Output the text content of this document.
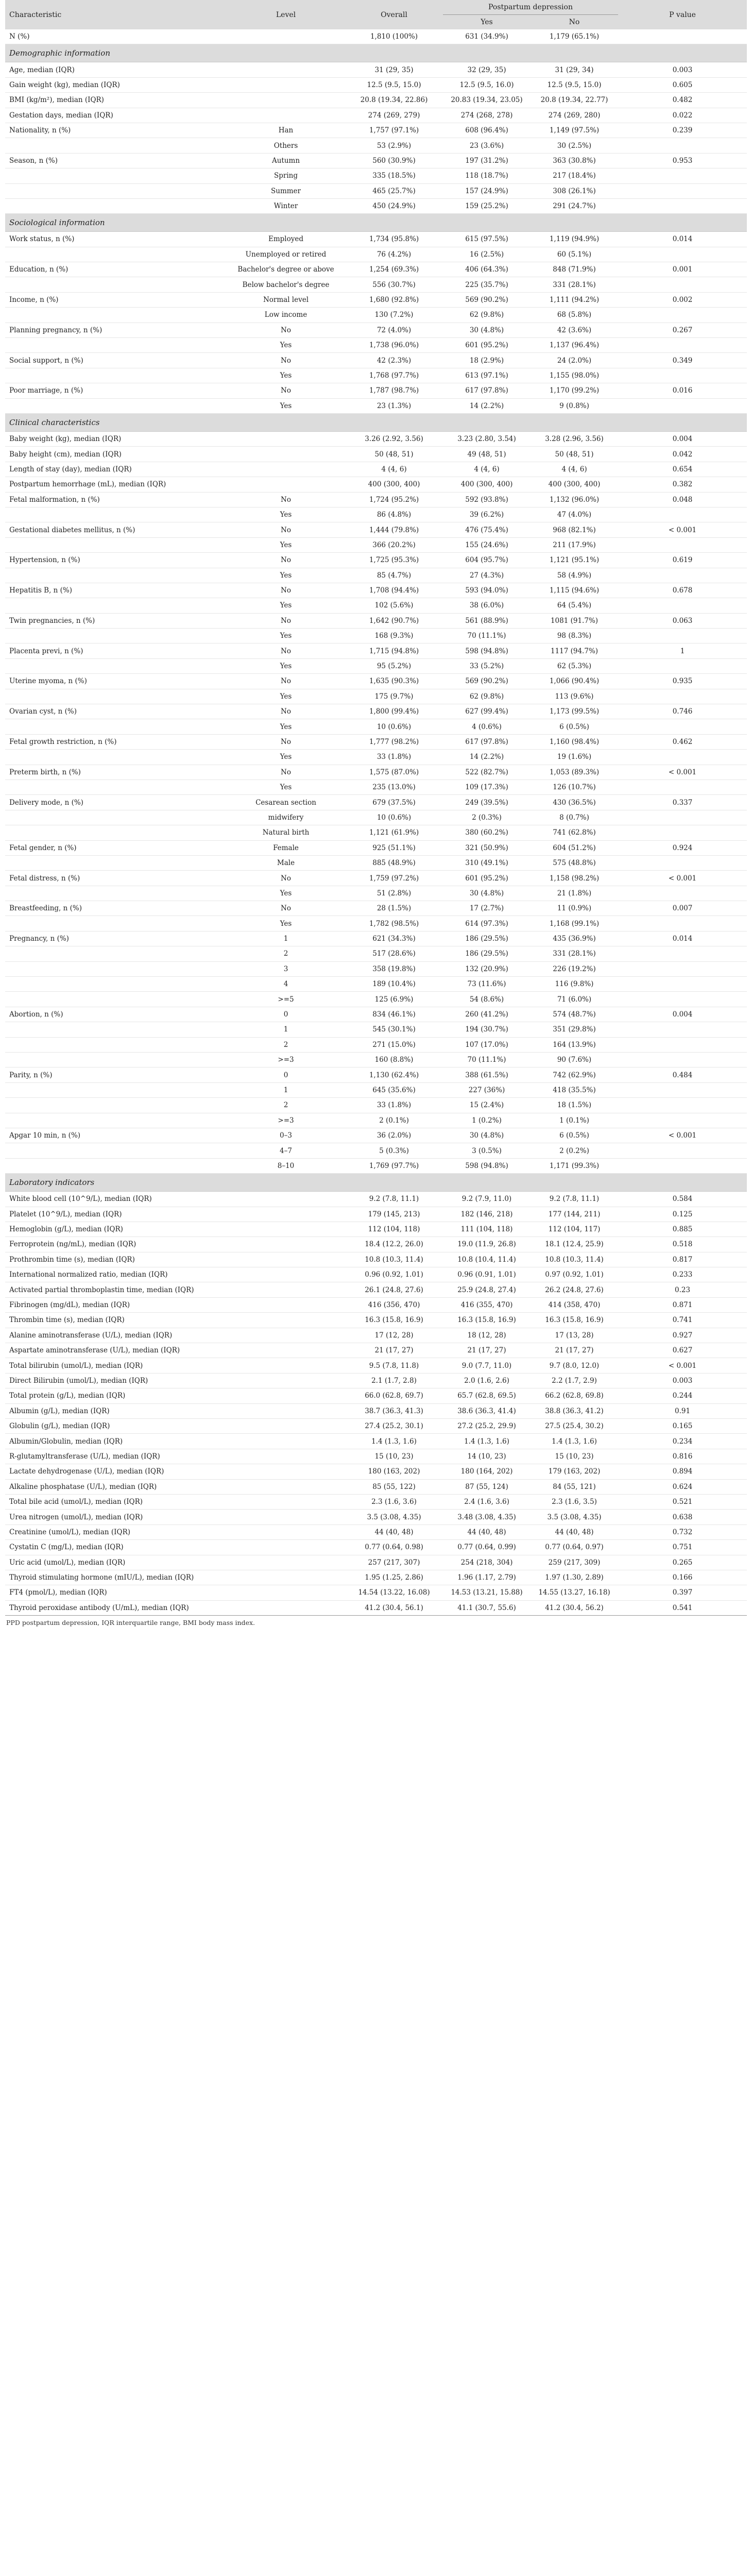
Characteristic	Level	Overall	Postpartum depression		P value
			Yes	No	
N (%)		1,810 (100%)	631 (34.9%)	1,179 (65.1%)	
Demographic information					
Age, median (IQR)		31 (29, 35)	32 (29, 35)	31 (29, 34)	0.003
Gain weight (kg), median (IQR)		12.5 (9.5, 15.0)	12.5 (9.5, 16.0)	12.5 (9.5, 15.0)	0.605
BMI (kg/m²), median (IQR)		20.8 (19.34, 22.86)	20.83 (19.34, 23.05)	20.8 (19.34, 22.77)	0.482
Gestation days, median (IQR)		274 (269, 279)	274 (268, 278)	274 (269, 280)	0.022
Nationality, n (%)	Han	1,757 (97.1%)	608 (96.4%)	1,149 (97.5%)	0.239
	Others	53 (2.9%)	23 (3.6%)	30 (2.5%)	
Season, n (%)	Autumn	560 (30.9%)	197 (31.2%)	363 (30.8%)	0.953
	Spring	335 (18.5%)	118 (18.7%)	217 (18.4%)	
	Summer	465 (25.7%)	157 (24.9%)	308 (26.1%)	
	Winter	450 (24.9%)	159 (25.2%)	291 (24.7%)	
Sociological information					
Work status, n (%)	Employed	1,734 (95.8%)	615 (97.5%)	1,119 (94.9%)	0.014
	Unemployed or retired	76 (4.2%)	16 (2.5%)	60 (5.1%)	
Education, n (%)	Bachelor's degree or above	1,254 (69.3%)	406 (64.3%)	848 (71.9%)	0.001
	Below bachelor's degree	556 (30.7%)	225 (35.7%)	331 (28.1%)	
Income, n (%)	Normal level	1,680 (92.8%)	569 (90.2%)	1,111 (94.2%)	0.002
	Low income	130 (7.2%)	62 (9.8%)	68 (5.8%)	
Planning pregnancy, n (%)	No	72 (4.0%)	30 (4.8%)	42 (3.6%)	0.267
	Yes	1,738 (96.0%)	601 (95.2%)	1,137 (96.4%)	
Social support, n (%)	No	42 (2.3%)	18 (2.9%)	24 (2.0%)	0.349
	Yes	1,768 (97.7%)	613 (97.1%)	1,155 (98.0%)	
Poor marriage, n (%)	No	1,787 (98.7%)	617 (97.8%)	1,170 (99.2%)	0.016
	Yes	23 (1.3%)	14 (2.2%)	9 (0.8%)	
Clinical characteristics					
Baby weight (kg), median (IQR)		3.26 (2.92, 3.56)	3.23 (2.80, 3.54)	3.28 (2.96, 3.56)	0.004
Baby height (cm), median (IQR)		50 (48, 51)	49 (48, 51)	50 (48, 51)	0.042
Length of stay (day), median (IQR)		4 (4, 6)	4 (4, 6)	4 (4, 6)	0.654
Postpartum hemorrhage (mL), median (IQR)		400 (300, 400)	400 (300, 400)	400 (300, 400)	0.382
Fetal malformation, n (%)	No	1,724 (95.2%)	592 (93.8%)	1,132 (96.0%)	0.048
	Yes	86 (4.8%)	39 (6.2%)	47 (4.0%)	
Gestational diabetes mellitus, n (%)	No	1,444 (79.8%)	476 (75.4%)	968 (82.1%)	< 0.001
	Yes	366 (20.2%)	155 (24.6%)	211 (17.9%)	
Hypertension, n (%)	No	1,725 (95.3%)	604 (95.7%)	1,121 (95.1%)	0.619
	Yes	85 (4.7%)	27 (4.3%)	58 (4.9%)	
Hepatitis B, n (%)	No	1,708 (94.4%)	593 (94.0%)	1,115 (94.6%)	0.678
	Yes	102 (5.6%)	38 (6.0%)	64 (5.4%)	
Twin pregnancies, n (%)	No	1,642 (90.7%)	561 (88.9%)	1081 (91.7%)	0.063
	Yes	168 (9.3%)	70 (11.1%)	98 (8.3%)	
Placenta previ, n (%)	No	1,715 (94.8%)	598 (94.8%)	1117 (94.7%)	1
	Yes	95 (5.2%)	33 (5.2%)	62 (5.3%)	
Uterine myoma, n (%)	No	1,635 (90.3%)	569 (90.2%)	1,066 (90.4%)	0.935
	Yes	175 (9.7%)	62 (9.8%)	113 (9.6%)	
Ovarian cyst, n (%)	No	1,800 (99.4%)	627 (99.4%)	1,173 (99.5%)	0.746
	Yes	10 (0.6%)	4 (0.6%)	6 (0.5%)	
Fetal growth restriction, n (%)	No	1,777 (98.2%)	617 (97.8%)	1,160 (98.4%)	0.462
	Yes	33 (1.8%)	14 (2.2%)	19 (1.6%)	
Preterm birth, n (%)	No	1,575 (87.0%)	522 (82.7%)	1,053 (89.3%)	< 0.001
	Yes	235 (13.0%)	109 (17.3%)	126 (10.7%)	
Delivery mode, n (%)	Cesarean section	679 (37.5%)	249 (39.5%)	430 (36.5%)	0.337
	midwifery	10 (0.6%)	2 (0.3%)	8 (0.7%)	
	Natural birth	1,121 (61.9%)	380 (60.2%)	741 (62.8%)	
Fetal gender, n (%)	Female	925 (51.1%)	321 (50.9%)	604 (51.2%)	0.924
	Male	885 (48.9%)	310 (49.1%)	575 (48.8%)	
Fetal distress, n (%)	No	1,759 (97.2%)	601 (95.2%)	1,158 (98.2%)	< 0.001
	Yes	51 (2.8%)	30 (4.8%)	21 (1.8%)	
Breastfeeding, n (%)	No	28 (1.5%)	17 (2.7%)	11 (0.9%)	0.007
	Yes	1,782 (98.5%)	614 (97.3%)	1,168 (99.1%)	
Pregnancy, n (%)	1	621 (34.3%)	186 (29.5%)	435 (36.9%)	0.014
	2	517 (28.6%)	186 (29.5%)	331 (28.1%)	
	3	358 (19.8%)	132 (20.9%)	226 (19.2%)	
	4	189 (10.4%)	73 (11.6%)	116 (9.8%)	
	>=5	125 (6.9%)	54 (8.6%)	71 (6.0%)	
Abortion, n (%)	0	834 (46.1%)	260 (41.2%)	574 (48.7%)	0.004
	1	545 (30.1%)	194 (30.7%)	351 (29.8%)	
	2	271 (15.0%)	107 (17.0%)	164 (13.9%)	
	>=3	160 (8.8%)	70 (11.1%)	90 (7.6%)	
Parity, n (%)	0	1,130 (62.4%)	388 (61.5%)	742 (62.9%)	0.484
	1	645 (35.6%)	227 (36%)	418 (35.5%)	
	2	33 (1.8%)	15 (2.4%)	18 (1.5%)	
	>=3	2 (0.1%)	1 (0.2%)	1 (0.1%)	
Apgar 10 min, n (%)	0–3	36 (2.0%)	30 (4.8%)	6 (0.5%)	< 0.001
	4–7	5 (0.3%)	3 (0.5%)	2 (0.2%)	
	8–10	1,769 (97.7%)	598 (94.8%)	1,171 (99.3%)	
Laboratory indicators					
White blood cell (10^9/L), median (IQR)		9.2 (7.8, 11.1)	9.2 (7.9, 11.0)	9.2 (7.8, 11.1)	0.584
Platelet (10^9/L), median (IQR)		179 (145, 213)	182 (146, 218)	177 (144, 211)	0.125
Hemoglobin (g/L), median (IQR)		112 (104, 118)	111 (104, 118)	112 (104, 117)	0.885
Ferroprotein (ng/mL), median (IQR)		18.4 (12.2, 26.0)	19.0 (11.9, 26.8)	18.1 (12.4, 25.9)	0.518
Prothrombin time (s), median (IQR)		10.8 (10.3, 11.4)	10.8 (10.4, 11.4)	10.8 (10.3, 11.4)	0.817
International normalized ratio, median (IQR)		0.96 (0.92, 1.01)	0.96 (0.91, 1.01)	0.97 (0.92, 1.01)	0.233
Activated partial thromboplastin time, median (IQR)		26.1 (24.8, 27.6)	25.9 (24.8, 27.4)	26.2 (24.8, 27.6)	0.23
Fibrinogen (mg/dL), median (IQR)		416 (356, 470)	416 (355, 470)	414 (358, 470)	0.871
Thrombin time (s), median (IQR)		16.3 (15.8, 16.9)	16.3 (15.8, 16.9)	16.3 (15.8, 16.9)	0.741
Alanine aminotransferase (U/L), median (IQR)		17 (12, 28)	18 (12, 28)	17 (13, 28)	0.927
Aspartate aminotransferase (U/L), median (IQR)		21 (17, 27)	21 (17, 27)	21 (17, 27)	0.627
Total bilirubin (umol/L), median (IQR)		9.5 (7.8, 11.8)	9.0 (7.7, 11.0)	9.7 (8.0, 12.0)	< 0.001
Direct Bilirubin (umol/L), median (IQR)		2.1 (1.7, 2.8)	2.0 (1.6, 2.6)	2.2 (1.7, 2.9)	0.003
Total protein (g/L), median (IQR)		66.0 (62.8, 69.7)	65.7 (62.8, 69.5)	66.2 (62.8, 69.8)	0.244
Albumin (g/L), median (IQR)		38.7 (36.3, 41.3)	38.6 (36.3, 41.4)	38.8 (36.3, 41.2)	0.91
Globulin (g/L), median (IQR)		27.4 (25.2, 30.1)	27.2 (25.2, 29.9)	27.5 (25.4, 30.2)	0.165
Albumin/Globulin, median (IQR)		1.4 (1.3, 1.6)	1.4 (1.3, 1.6)	1.4 (1.3, 1.6)	0.234
R-glutamyltransferase (U/L), median (IQR)		15 (10, 23)	14 (10, 23)	15 (10, 23)	0.816
Lactate dehydrogenase (U/L), median (IQR)		180 (163, 202)	180 (164, 202)	179 (163, 202)	0.894
Alkaline phosphatase (U/L), median (IQR)		85 (55, 122)	87 (55, 124)	84 (55, 121)	0.624
Total bile acid (umol/L), median (IQR)		2.3 (1.6, 3.6)	2.4 (1.6, 3.6)	2.3 (1.6, 3.5)	0.521
Urea nitrogen (umol/L), median (IQR)		3.5 (3.08, 4.35)	3.48 (3.08, 4.35)	3.5 (3.08, 4.35)	0.638
Creatinine (umol/L), median (IQR)		44 (40, 48)	44 (40, 48)	44 (40, 48)	0.732
Cystatin C (mg/L), median (IQR)		0.77 (0.64, 0.98)	0.77 (0.64, 0.99)	0.77 (0.64, 0.97)	0.751
Uric acid (umol/L), median (IQR)		257 (217, 307)	254 (218, 304)	259 (217, 309)	0.265
Thyroid stimulating hormone (mIU/L), median (IQR)		1.95 (1.25, 2.86)	1.96 (1.17, 2.79)	1.97 (1.30, 2.89)	0.166
FT4 (pmol/L), median (IQR)		14.54 (13.22, 16.08)	14.53 (13.21, 15.88)	14.55 (13.27, 16.18)	0.397
Thyroid peroxidase antibody (U/mL), median (IQR)		41.2 (30.4, 56.1)	41.1 (30.7, 55.6)	41.2 (30.4, 56.2)	0.541
PPD postpartum depression, IQR interquartile range, BMI body mass index.
